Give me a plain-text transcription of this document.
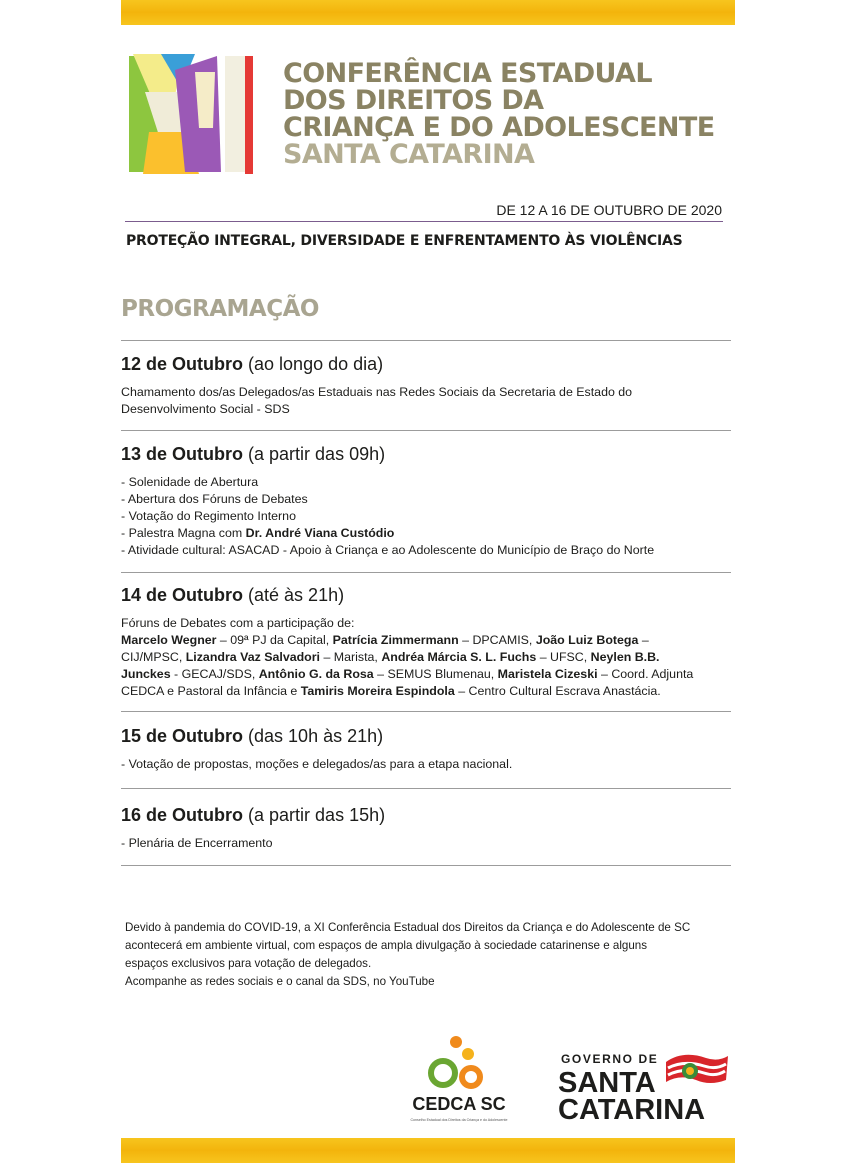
CONFERÊNCIA ESTADUAL
DOS DIREITOS DA
CRIANÇA E DO ADOLESCENTE
SANTA CATARINA
DE 12 A 16 DE OUTUBRO DE 2020
PROTEÇÃO INTEGRAL, DIVERSIDADE E ENFRENTAMENTO ÀS VIOLÊNCIAS
PROGRAMAÇÃO
12 de Outubro (ao longo do dia)
Chamamento dos/as Delegados/as Estaduais nas Redes Sociais da Secretaria de Estado do
Desenvolvimento Social - SDS
13 de Outubro (a partir das 09h)
- Solenidade de Abertura
- Abertura dos Fóruns de Debates
- Votação do Regimento Interno
- Palestra Magna com Dr. André Viana Custódio
- Atividade cultural: ASACAD - Apoio à Criança e ao Adolescente do Município de Braço do Norte
14 de Outubro (até às 21h)
Fóruns de Debates com a participação de:
Marcelo Wegner – 09ª PJ da Capital, Patrícia Zimmermann – DPCAMIS, João Luiz Botega –
CIJ/MPSC, Lizandra Vaz Salvadori – Marista, Andréa Márcia S. L. Fuchs – UFSC, Neylen B.B.
Junckes - GECAJ/SDS, Antônio G. da Rosa – SEMUS Blumenau, Maristela Cizeski – Coord. Adjunta
CEDCA e Pastoral da Infância e Tamiris Moreira Espindola – Centro Cultural Escrava Anastácia.
15 de Outubro (das 10h às 21h)
- Votação de propostas, moções e delegados/as para a etapa nacional.
16 de Outubro (a partir das 15h)
- Plenária de Encerramento
Devido à pandemia do COVID-19, a XI Conferência Estadual dos Direitos da Criança e do Adolescente de SC
acontecerá em ambiente virtual, com espaços de ampla divulgação à sociedade catarinense e alguns
espaços exclusivos para votação de delegados.
Acompanhe as redes sociais e o canal da SDS, no YouTube
CEDCA SC
Conselho Estadual dos Direitos da Criança e do Adolescente
GOVERNO DE
SANTA
CATARINA
